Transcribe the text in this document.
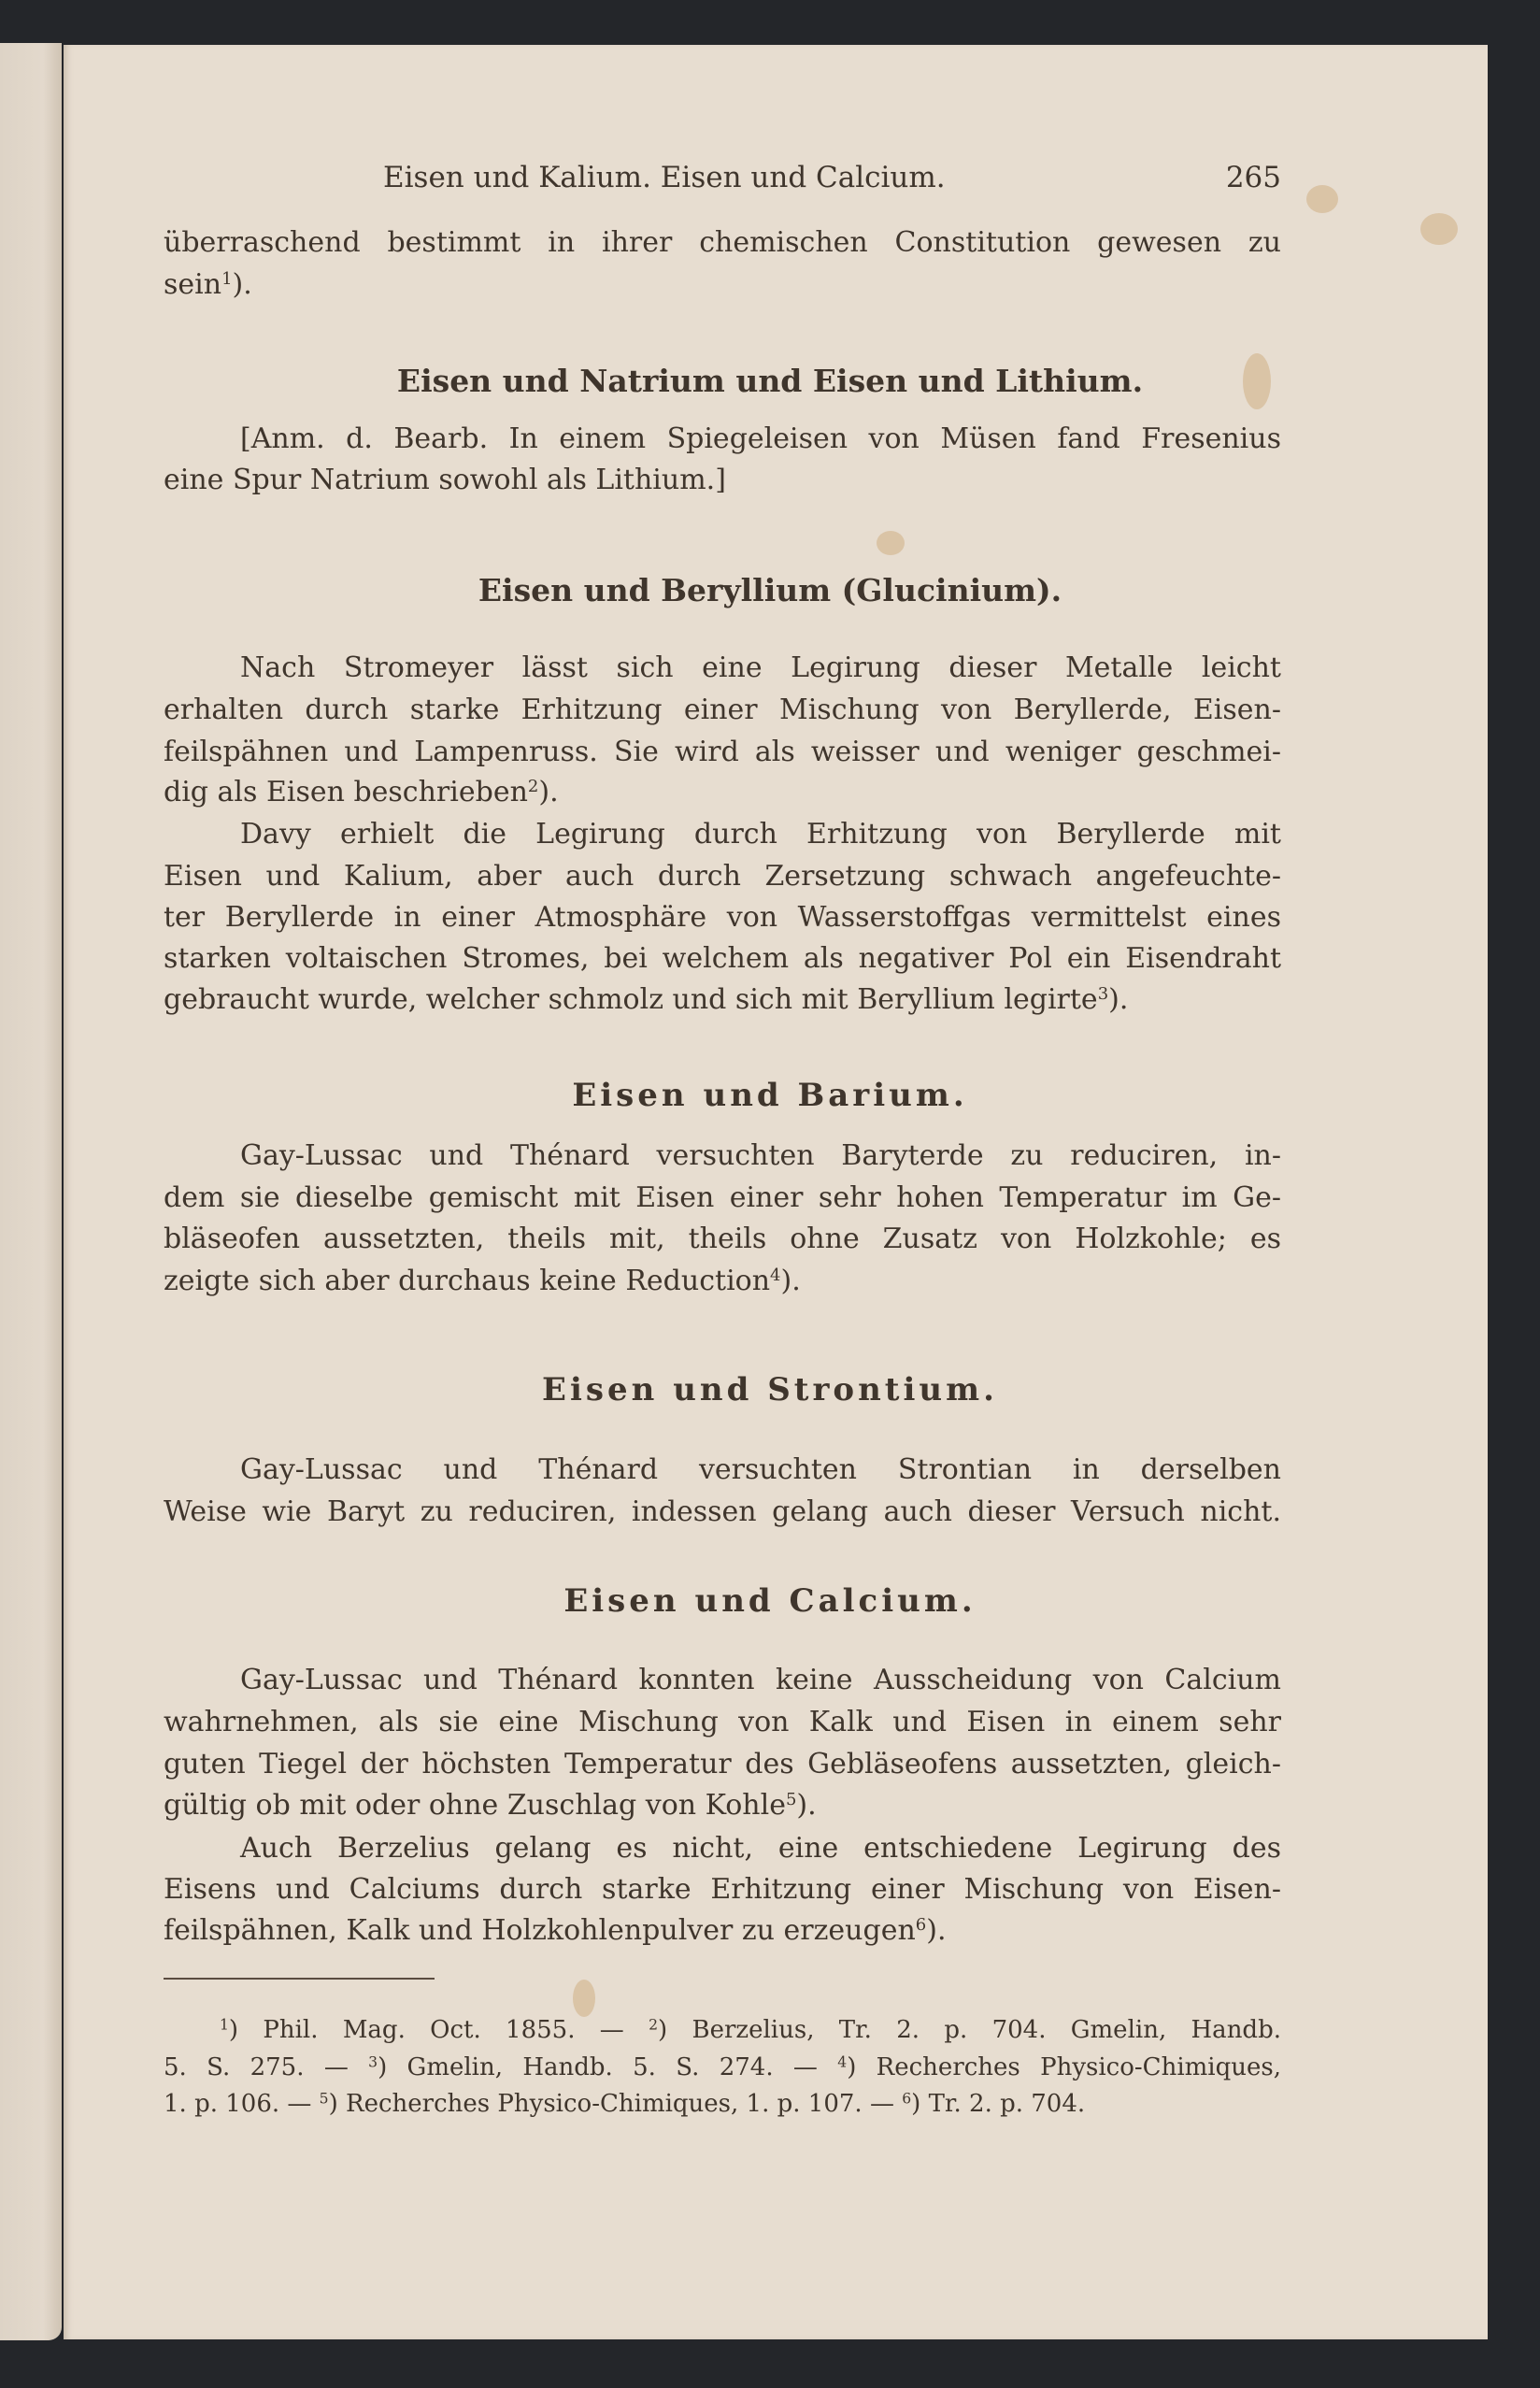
Eisen und Kalium. Eisen und Calcium.	265
überraschend bestimmt in ihrer chemischen Constitution gewesen zu
sein$^1$).
Eisen und Natrium und Eisen und Lithium.
[Anm. d. Bearb. In einem Spiegeleisen von Müsen fand Fresenius
eine Spur Natrium sowohl als Lithium.]
Eisen und Beryllium (Glucinium).
Nach Stromeyer lässt sich eine Legirung dieser Metalle leicht
erhalten durch starke Erhitzung einer Mischung von Beryllerde, Eisen-
feilspähnen und Lampenruss. Sie wird als weisser und weniger geschmei-
dig als Eisen beschrieben$^2$).
Davy erhielt die Legirung durch Erhitzung von Beryllerde mit
Eisen und Kalium, aber auch durch Zersetzung schwach angefeuchte-
ter Beryllerde in einer Atmosphäre von Wasserstoffgas vermittelst eines
starken voltaischen Stromes, bei welchem als negativer Pol ein Eisendraht
gebraucht wurde, welcher schmolz und sich mit Beryllium legirte$^3$).
Eisen und Barium.
Gay-Lussac und Thénard versuchten Baryterde zu reduciren, in-
dem sie dieselbe gemischt mit Eisen einer sehr hohen Temperatur im Ge-
bläseofen aussetzten, theils mit, theils ohne Zusatz von Holzkohle; es
zeigte sich aber durchaus keine Reduction$^4$).
Eisen und Strontium.
Gay-Lussac und Thénard versuchten Strontian in derselben
Weise wie Baryt zu reduciren, indessen gelang auch dieser Versuch nicht.
Eisen und Calcium.
Gay-Lussac und Thénard konnten keine Ausscheidung von Calcium
wahrnehmen, als sie eine Mischung von Kalk und Eisen in einem sehr
guten Tiegel der höchsten Temperatur des Gebläseofens aussetzten, gleich-
gültig ob mit oder ohne Zuschlag von Kohle$^5$).
Auch Berzelius gelang es nicht, eine entschiedene Legirung des
Eisens und Calciums durch starke Erhitzung einer Mischung von Eisen-
feilspähnen, Kalk und Holzkohlenpulver zu erzeugen$^6$).
$^1$) Phil. Mag. Oct. 1855. — $^2$) Berzelius, Tr. 2. p. 704. Gmelin, Handb.
5. S. 275. — $^3$) Gmelin, Handb. 5. S. 274. — $^4$) Recherches Physico-Chimiques,
1. p. 106. — $^5$) Recherches Physico-Chimiques, 1. p. 107. — $^6$) Tr. 2. p. 704.
